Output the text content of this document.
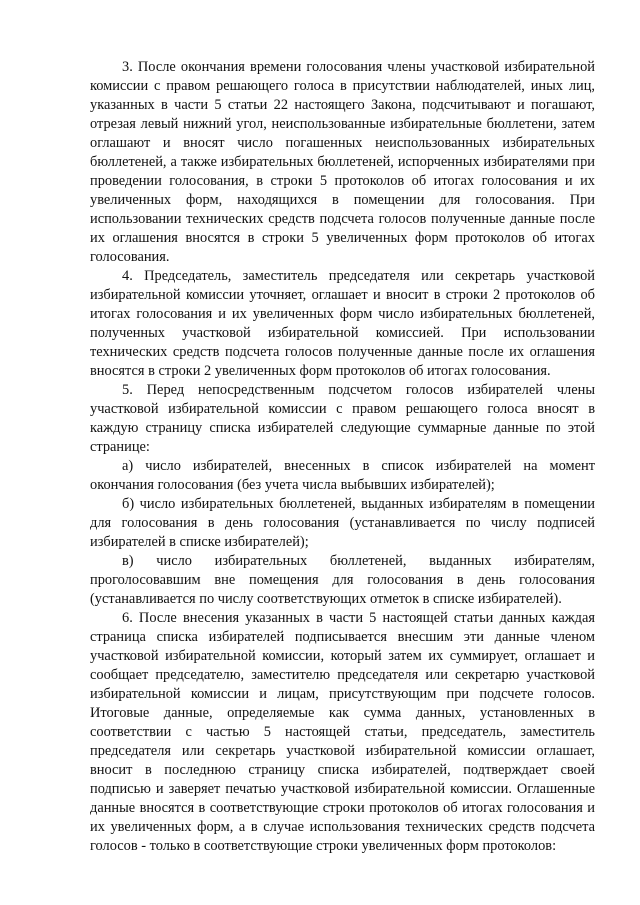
3. После окончания времени голосования члены участковой избирательной комиссии с правом решающего голоса в присутствии наблюдателей, иных лиц, указанных в части 5 статьи 22 настоящего Закона, подсчитывают и погашают, отрезая левый нижний угол, неиспользованные избирательные бюллетени, затем оглашают и вносят число погашенных неиспользованных избирательных бюллетеней, а также избирательных бюллетеней, испорченных избирателями при проведении голосования, в строки 5 протоколов об итогах голосования и их увеличенных форм, находящихся в помещении для голосования. При использовании технических средств подсчета голосов полученные данные после их оглашения вносятся в строки 5 увеличенных форм протоколов об итогах голосования.

4. Председатель, заместитель председателя или секретарь участковой избирательной комиссии уточняет, оглашает и вносит в строки 2 протоколов об итогах голосования и их увеличенных форм число избирательных бюллетеней, полученных участковой избирательной комиссией. При использовании технических средств подсчета голосов полученные данные после их оглашения вносятся в строки 2 увеличенных форм протоколов об итогах голосования.

5. Перед непосредственным подсчетом голосов избирателей члены участковой избирательной комиссии с правом решающего голоса вносят в каждую страницу списка избирателей следующие суммарные данные по этой странице:

а) число избирателей, внесенных в список избирателей на момент окончания голосования (без учета числа выбывших избирателей);

б) число избирательных бюллетеней, выданных избирателям в помещении для голосования в день голосования (устанавливается по числу подписей избирателей в списке избирателей);

в) число избирательных бюллетеней, выданных избирателям, проголосовавшим вне помещения для голосования в день голосования (устанавливается по числу соответствующих отметок в списке избирателей).

6. После внесения указанных в части 5 настоящей статьи данных каждая страница списка избирателей подписывается внесшим эти данные членом участковой избирательной комиссии, который затем их суммирует, оглашает и сообщает председателю, заместителю председателя или секретарю участковой избирательной комиссии и лицам, присутствующим при подсчете голосов. Итоговые данные, определяемые как сумма данных, установленных в соответствии с частью 5 настоящей статьи, председатель, заместитель председателя или секретарь участковой избирательной комиссии оглашает, вносит в последнюю страницу списка избирателей, подтверждает своей подписью и заверяет печатью участковой избирательной комиссии. Оглашенные данные вносятся в соответствующие строки протоколов об итогах голосования и их увеличенных форм, а в случае использования технических средств подсчета голосов - только в соответствующие строки увеличенных форм протоколов:
